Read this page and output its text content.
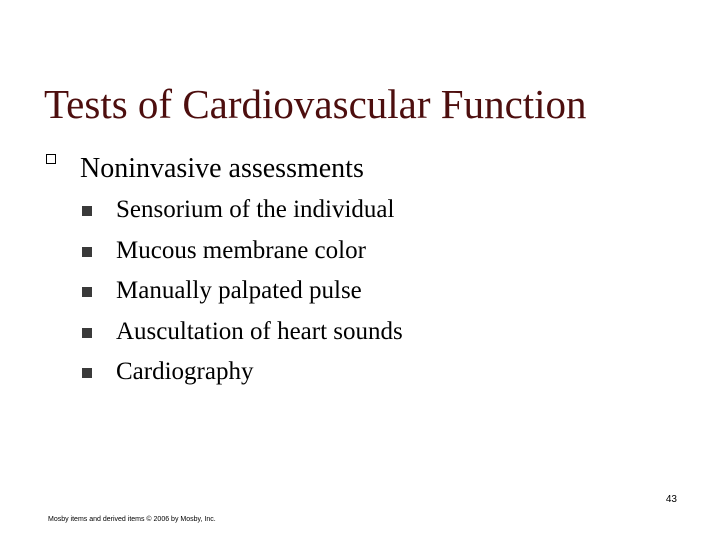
Tests of Cardiovascular Function
Noninvasive assessments
Sensorium of the individual
Mucous membrane color
Manually palpated pulse
Auscultation of heart sounds
Cardiography
43
Mosby items and derived items © 2006 by Mosby, Inc.
